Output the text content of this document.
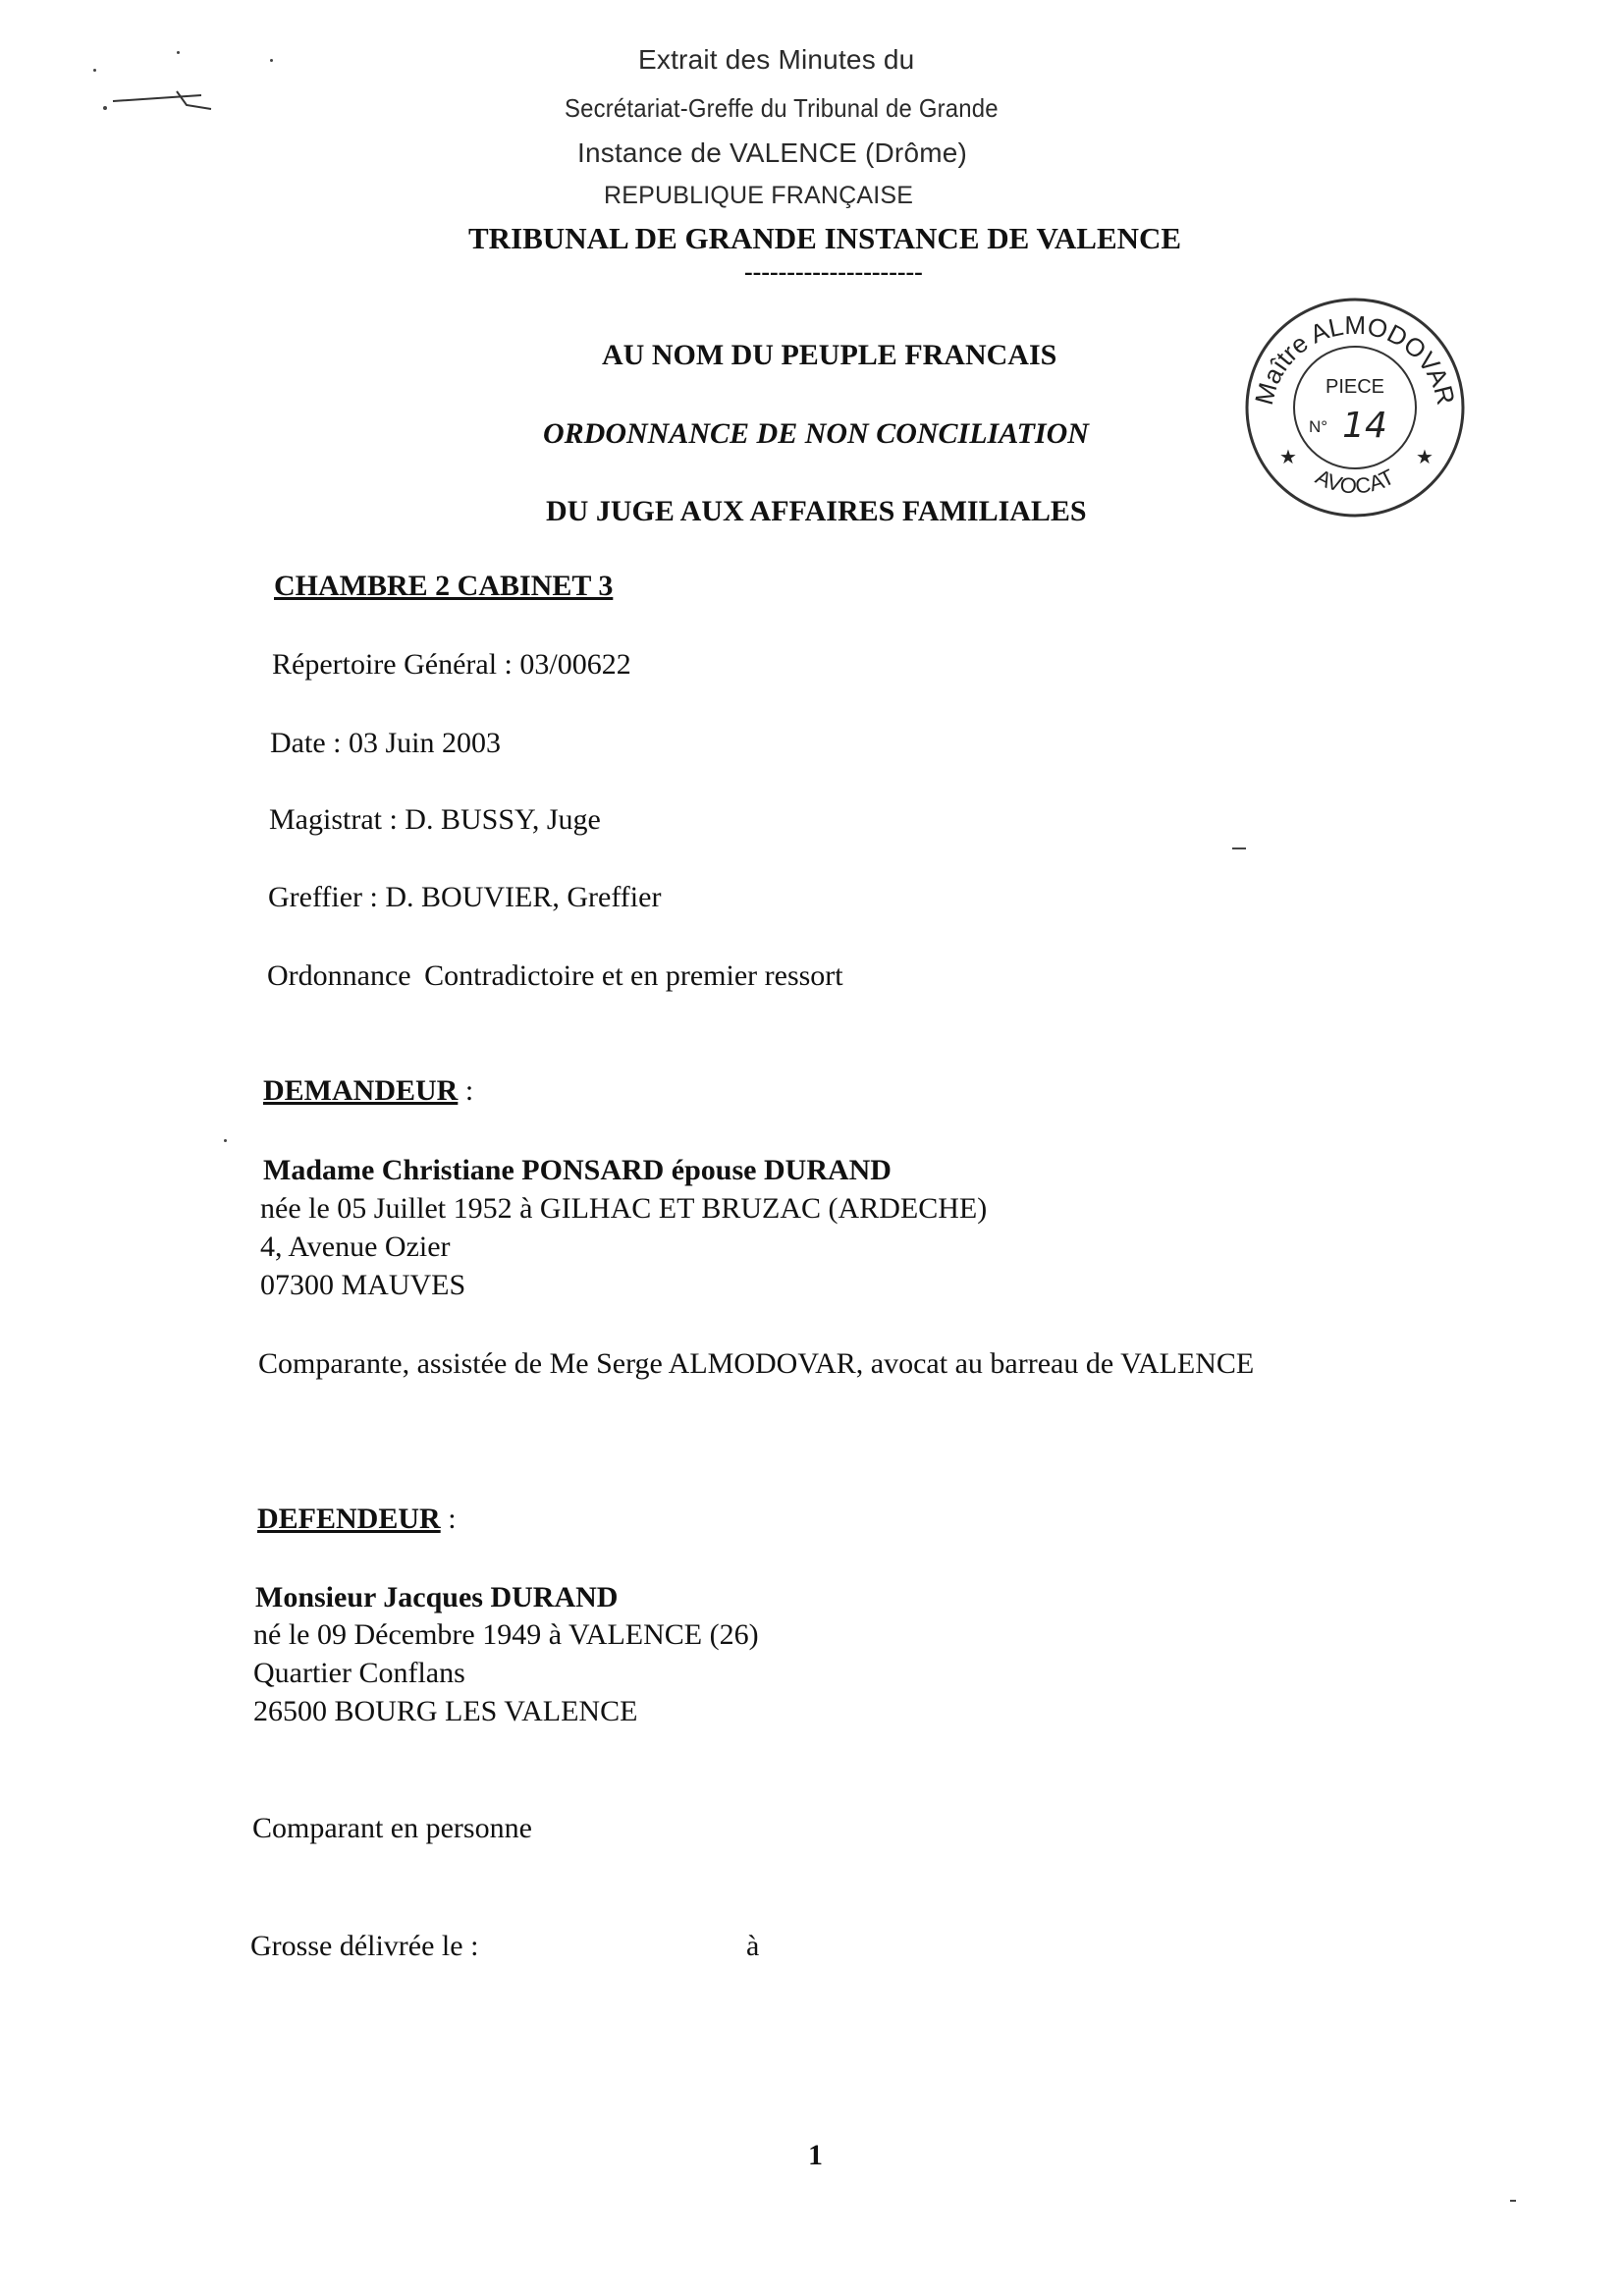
Extrait des Minutes du
Secrétariat-Greffe du Tribunal de Grande
Instance de VALENCE (Drôme)
REPUBLIQUE FRANÇAISE
TRIBUNAL DE GRANDE INSTANCE DE VALENCE
---------------------
AU NOM DU PEUPLE FRANCAIS
ORDONNANCE DE NON CONCILIATION
DU JUGE AUX AFFAIRES FAMILIALES
Maître ALMODOVAR
AVOCAT
★	★
PIECE
N° 14
CHAMBRE 2 CABINET 3
Répertoire Général : 03/00622
Date : 03 Juin 2003
Magistrat : D. BUSSY, Juge
Greffier : D. BOUVIER, Greffier
Ordonnance Contradictoire et en premier ressort
DEMANDEUR :
Madame Christiane PONSARD épouse DURAND
née le 05 Juillet 1952 à GILHAC ET BRUZAC (ARDECHE)
4, Avenue Ozier
07300 MAUVES
Comparante, assistée de Me Serge ALMODOVAR, avocat au barreau de VALENCE
DEFENDEUR :
Monsieur Jacques DURAND
né le 09 Décembre 1949 à VALENCE (26)
Quartier Conflans
26500 BOURG LES VALENCE
Comparant en personne
Grosse délivrée le :	à
1
